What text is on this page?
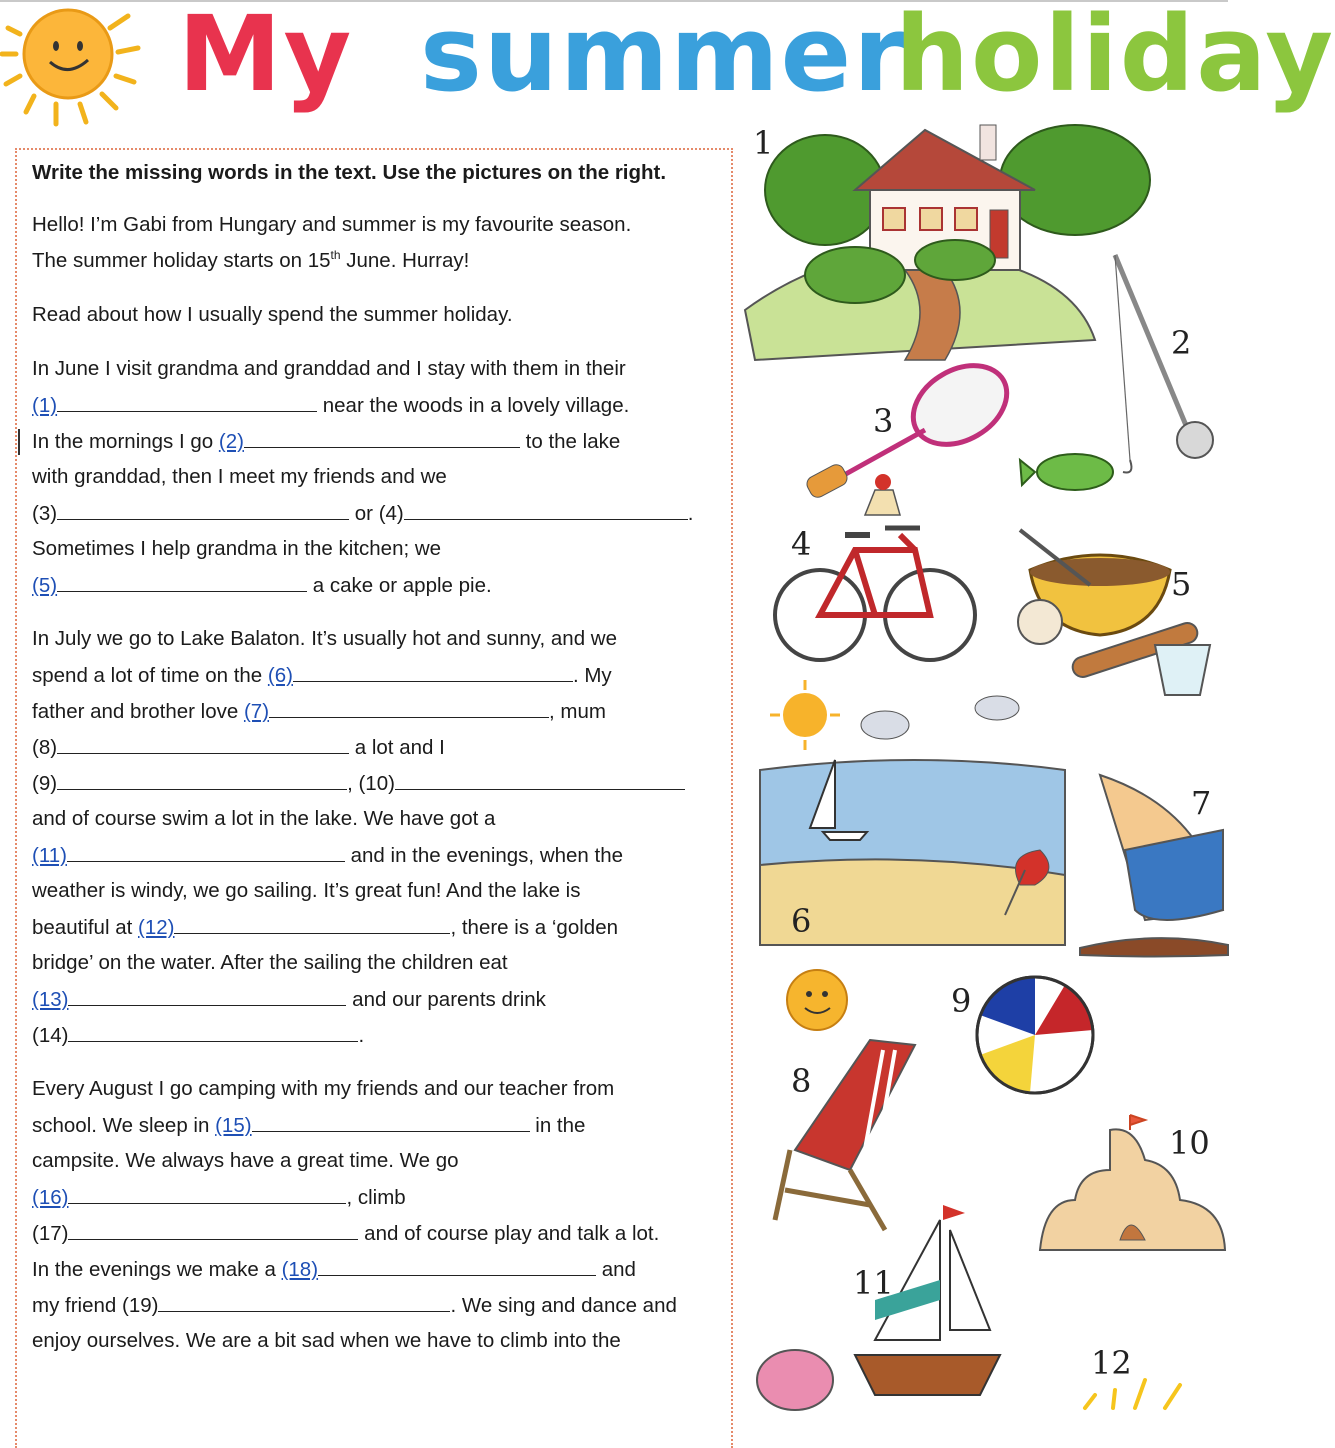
My summer
holiday

Write the missing words in the text. Use the pictures on the right.

Hello! I’m Gabi from Hungary and summer is my favourite season.
The summer holiday starts on 15th June. Hurray!
Read about how I usually spend the summer holiday.
In June I visit grandma and granddad and I stay with them in their
(1)	near the woods in a lovely village.
In the mornings I go (2)	to the lake
with granddad, then I meet my friends and we
(3)	or (4)	.
Sometimes I help grandma in the kitchen; we
(5)	a cake or apple pie.
In July we go to Lake Balaton. It’s usually hot and sunny, and we
spend a lot of time on the (6)	. My
father and brother love (7)	, mum
(8)	a lot and I
(9)	, (10)
and of course swim a lot in the lake. We have got a
(11)	and in the evenings, when the
weather is windy, we go sailing. It’s great fun! And the lake is
beautiful at (12)	, there is a ‘golden
bridge’ on the water. After the sailing the children eat
(13)	and our parents drink
(14)	.
Every August I go camping with my friends and our teacher from
school. We sleep in (15)	in the
campsite. We always have a great time. We go
(16)	, climb
(17)	and of course play and talk a lot.
In the evenings we make a (18)	and
my friend (19)	. We sing and dance and
enjoy ourselves. We are a bit sad when we have to climb into the
1
2
3
4
5
6
7
8
9
10
11
12
